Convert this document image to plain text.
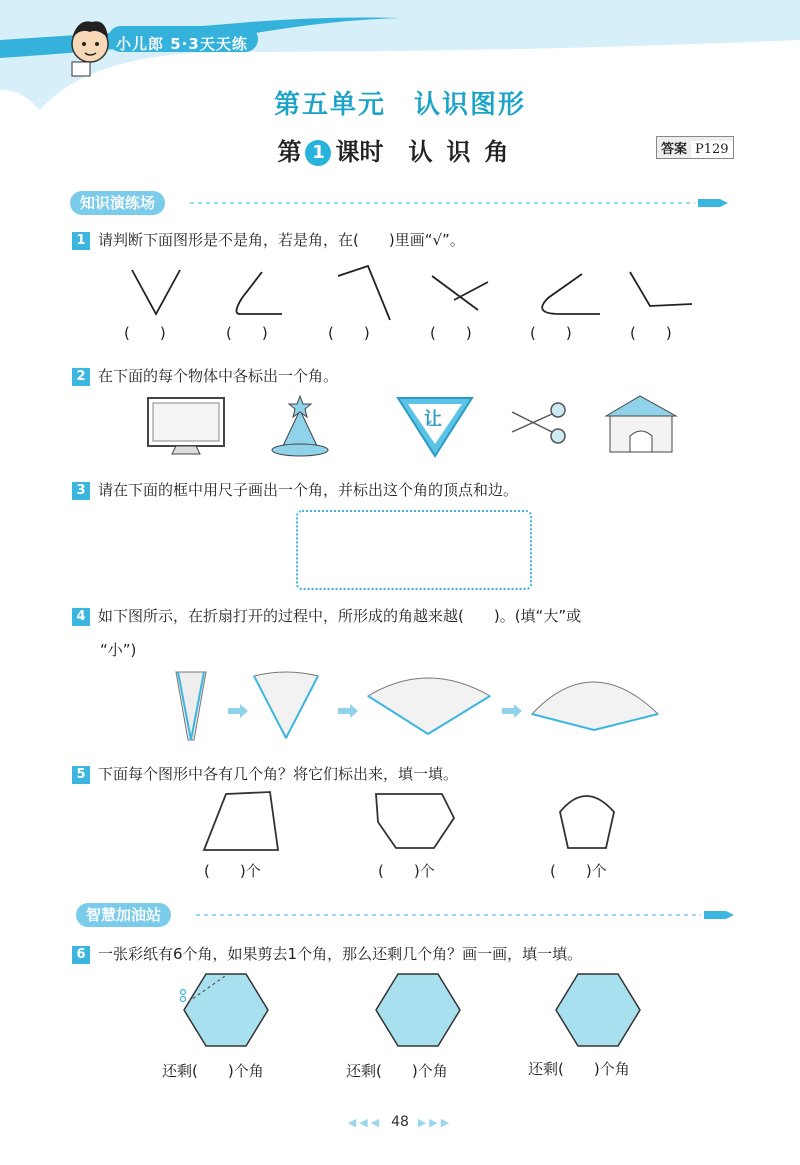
小儿郎 5·3天天练
第五单元　认识图形
第 1 课时 认识角	答案 P129
知识演练场
1 请判断下面图形是不是角，若是角，在(　　)里画“√”。
(　　)	(　　)	(　　)	(　　)	(　　)	(　　)
2 在下面的每个物体中各标出一个角。
让
3 请在下面的框中用尺子画出一个角，并标出这个角的顶点和边。
4 如下图所示，在折扇打开的过程中，所形成的角越来越(　　)。(填“大”或
“小”)
5 下面每个图形中各有几个角？将它们标出来，填一填。
(　　)个	(　　)个	(　　)个
智慧加油站
6 一张彩纸有6个角，如果剪去1个角，那么还剩几个角？画一画，填一填。
还剩(　　)个角	还剩(　　)个角	还剩(　　)个角
◀◀◀ 48 ▶▶▶
